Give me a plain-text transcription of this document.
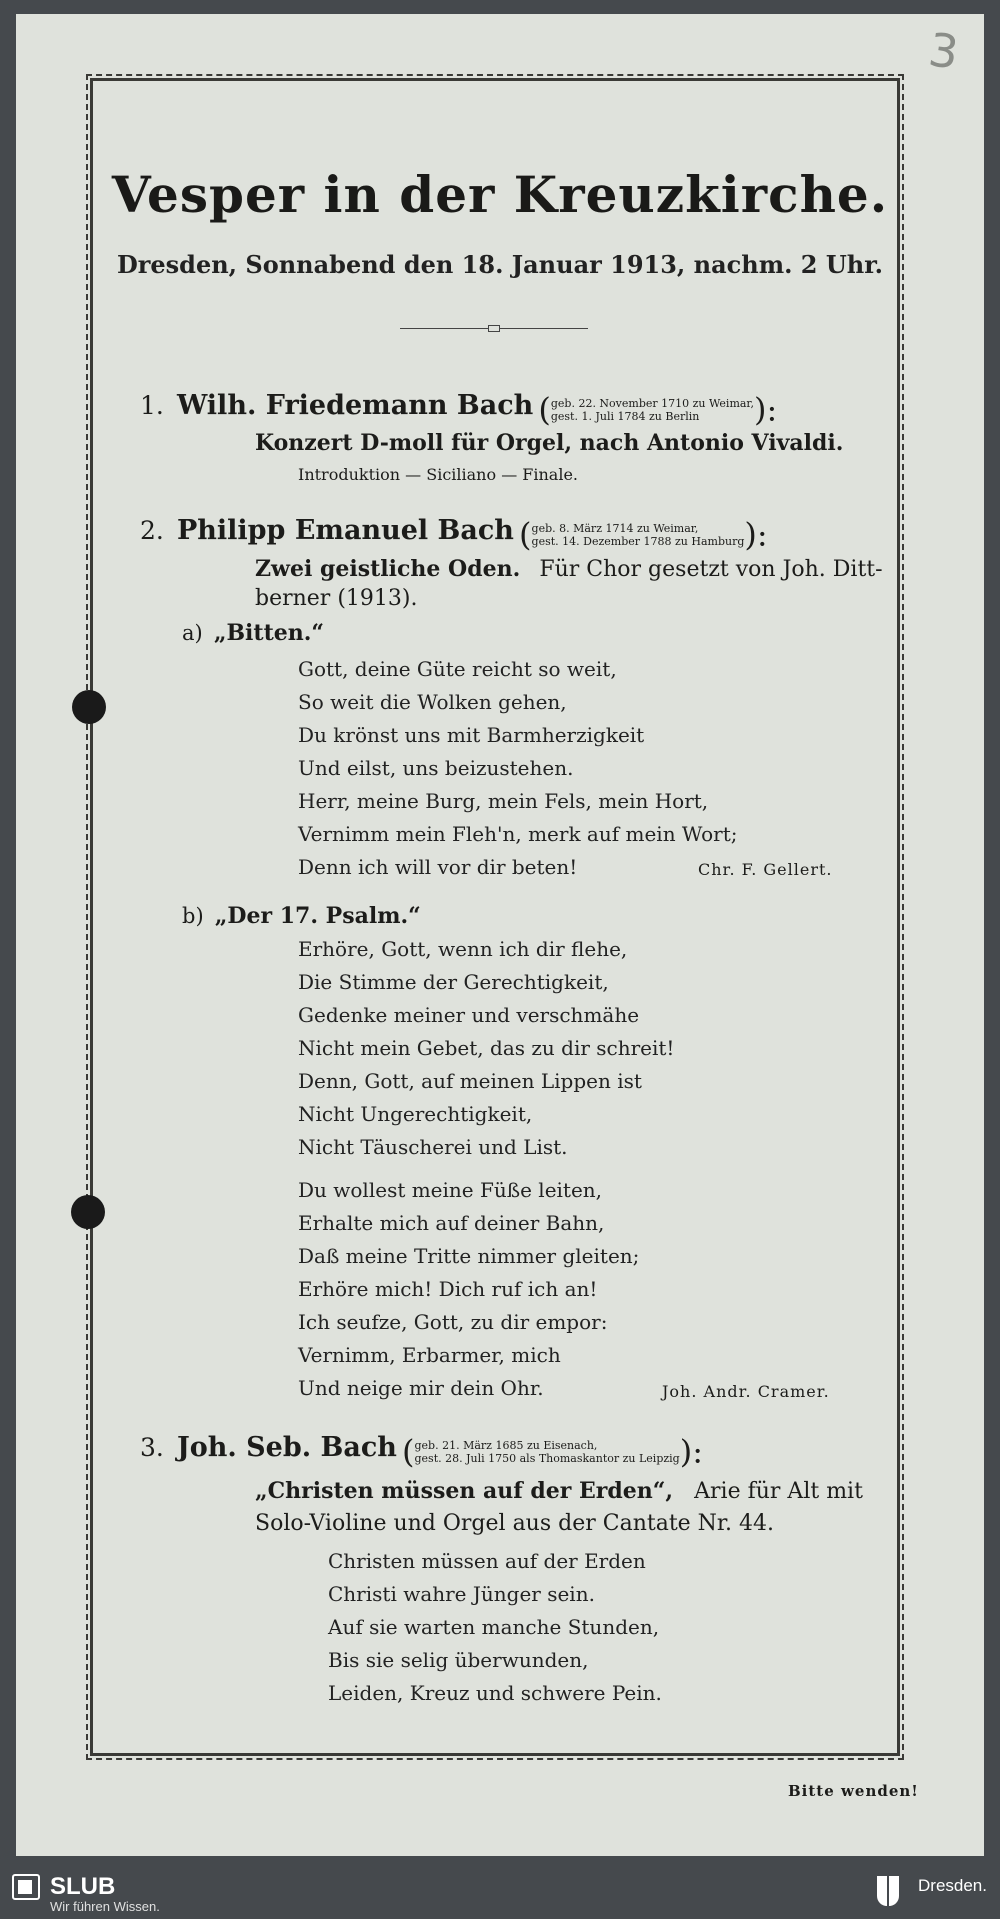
3
Vesper in der Kreuzkirche.
Dresden, Sonnabend den 18. Januar 1913, nachm. 2 Uhr.
1. Wilh. Friedemann Bach (geb. 22. November 1710 zu Weimar,
gest. 1. Juli 1784 zu Berlin ):
Konzert D-moll für Orgel, nach Antonio Vivaldi.
Introduktion — Siciliano — Finale.
2. Philipp Emanuel Bach (geb. 8. März 1714 zu Weimar,
gest. 14. Dezember 1788 zu Hamburg):
Zwei geistliche Oden. Für Chor gesetzt von Joh. Ditt-
berner (1913).
a) „Bitten.“
Gott, deine Güte reicht so weit,
So weit die Wolken gehen,
Du krönst uns mit Barmherzigkeit
Und eilst, uns beizustehen.
Herr, meine Burg, mein Fels, mein Hort,
Vernimm mein Fleh'n, merk auf mein Wort;
Denn ich will vor dir beten!	Chr. F. Gellert.
b) „Der 17. Psalm.“
Erhöre, Gott, wenn ich dir flehe,
Die Stimme der Gerechtigkeit,
Gedenke meiner und verschmähe
Nicht mein Gebet, das zu dir schreit!
Denn, Gott, auf meinen Lippen ist
Nicht Ungerechtigkeit,
Nicht Täuscherei und List.
Du wollest meine Füße leiten,
Erhalte mich auf deiner Bahn,
Daß meine Tritte nimmer gleiten;
Erhöre mich! Dich ruf ich an!
Ich seufze, Gott, zu dir empor:
Vernimm, Erbarmer, mich
Und neige mir dein Ohr.	Joh. Andr. Cramer.
3. Joh. Seb. Bach (geb. 21. März 1685 zu Eisenach,
gest. 28. Juli 1750 als Thomaskantor zu Leipzig):
„Christen müssen auf der Erden“, Arie für Alt mit
Solo-Violine und Orgel aus der Cantate Nr. 44.
Christen müssen auf der Erden
Christi wahre Jünger sein.
Auf sie warten manche Stunden,
Bis sie selig überwunden,
Leiden, Kreuz und schwere Pein.
Bitte wenden!
SLUB
Wir führen Wissen.
Dresden.
